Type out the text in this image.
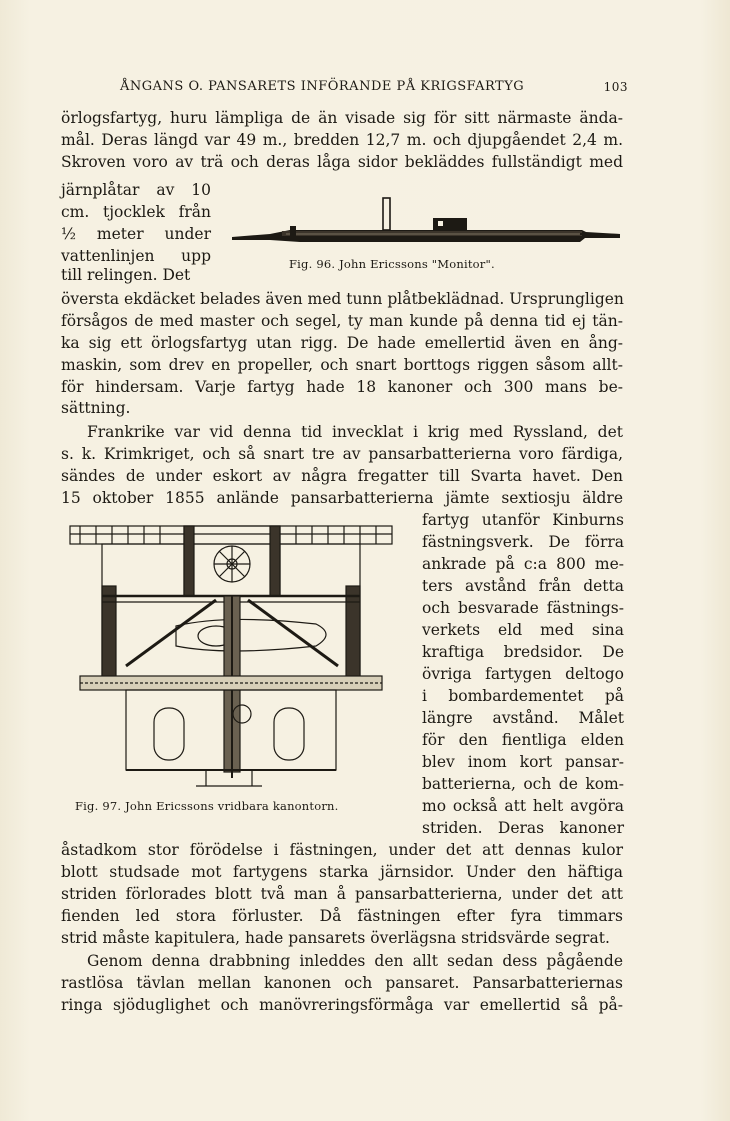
ÅNGANS O. PANSARETS INFÖRANDE PÅ KRIGSFARTYG	103
örlogsfartyg, huru lämpliga de än visade sig för sitt närmaste ända-
mål. Deras längd var 49 m., bredden 12,7 m. och djupgåendet 2,4 m.
Skroven voro av trä och deras låga sidor bekläddes fullständigt med
järnplåtar av 10
cm. tjocklek från
½ meter under
vattenlinjen upp
till relingen. Det
översta ekdäcket belades även med tunn plåtbeklädnad. Ursprungligen
försågos de med master och segel, ty man kunde på denna tid ej tän-
ka sig ett örlogsfartyg utan rigg. De hade emellertid även en ång-
maskin, som drev en propeller, och snart borttogs riggen såsom allt-
för hindersam. Varje fartyg hade 18 kanoner och 300 mans be-
sättning.
Frankrike var vid denna tid invecklat i krig med Ryssland, det
s. k. Krimkriget, och så snart tre av pansarbatterierna voro färdiga,
sändes de under eskort av några fregatter till Svarta havet. Den
15 oktober 1855 anlände pansarbatterierna jämte sextiosju äldre
fartyg utanför Kinburns
fästningsverk. De förra
ankrade på c:a 800 me-
ters avstånd från detta
och besvarade fästnings-
verkets eld med sina
kraftiga bredsidor. De
övriga fartygen deltogo
i bombardementet på
längre avstånd. Målet
för den fientliga elden
blev inom kort pansar-
batterierna, och de kom-
mo också att helt avgöra
striden. Deras kanoner
åstadkom stor förödelse i fästningen, under det att dennas kulor
blott studsade mot fartygens starka järnsidor. Under den häftiga
striden förlorades blott två man å pansarbatterierna, under det att
fienden led stora förluster. Då fästningen efter fyra timmars
strid måste kapitulera, hade pansarets överlägsna stridsvärde segrat.
Genom denna drabbning inleddes den allt sedan dess pågående
rastlösa tävlan mellan kanonen och pansaret. Pansarbatteriernas
ringa sjöduglighet och manövreringsförmåga var emellertid så på-
Fig. 96. John Ericssons "Monitor".
Fig. 97. John Ericssons vridbara kanontorn.
